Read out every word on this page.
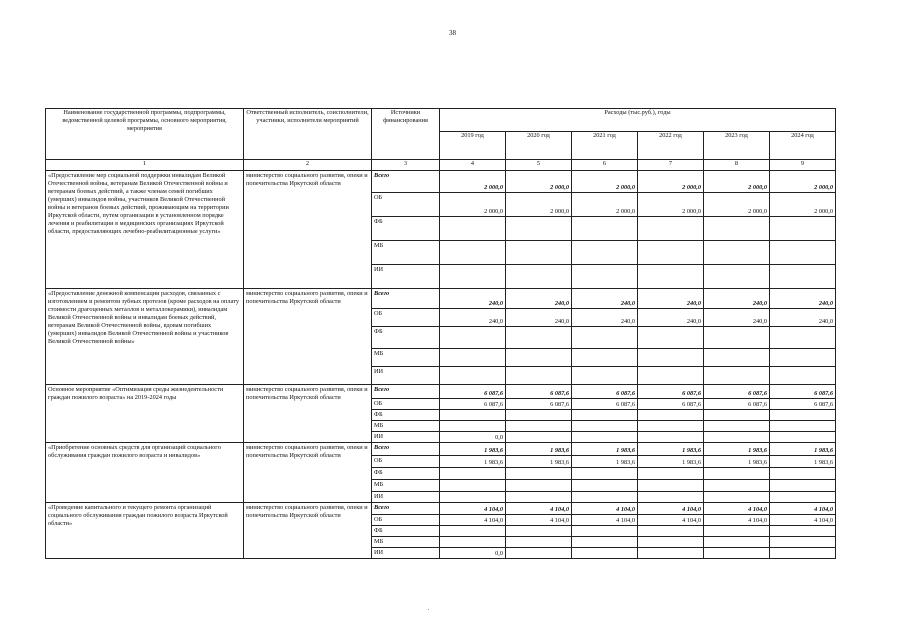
38
Наименование государственной программы, подпрограммы, ведомственной целевой программы, основного мероприятия, мероприятия	Ответственный исполнитель, соисполнители, участники, исполнители мероприятий	Источники финансирования	Расходы (тыс.руб.), годы					
			2019 год	2020 год	2021 год	2022 год	2023 год	2024 год
1	2	3	4	5	6	7	8	9
«Предоставление мер социальной поддержки инвалидам Великой Отечественной войны, ветеранам Великой Отечественной войны и ветеранам боевых действий, а также членам семей погибших (умерших) инвалидов войны, участников Великой Отечественной войны и ветеранов боевых действий, проживающим на территории Иркутской области, путем организации в установленном порядке лечения и реабилитации в медицинских организациях Иркутской области, предоставляющих лечебно-реабилитационные услуги»	министерство социального развития, опеки и попечительства Иркутской области	Всего	2 000,0	2 000,0	2 000,0	2 000,0	2 000,0	2 000,0
		ОБ	2 000,0	2 000,0	2 000,0	2 000,0	2 000,0	2 000,0
		ФБ						
		МБ						
		ИИ						
«Предоставление денежной компенсации расходов, связанных с изготовлением и ремонтом зубных протезов (кроме расходов на оплату стоимости драгоценных металлов и металлокерамики), инвалидам Великой Отечественной войны и инвалидам боевых действий, ветеранам Великой Отечественной войны, вдовам погибших (умерших) инвалидов Великой Отечественной войны и участников Великой Отечественной войны»	министерство социального развития, опеки и попечительства Иркутской области	Всего	240,0	240,0	240,0	240,0	240,0	240,0
		ОБ	240,0	240,0	240,0	240,0	240,0	240,0
		ФБ						
		МБ						
		ИИ						
Основное мероприятие «Оптимизация среды жизнедеятельности граждан пожилого возраста» на 2019-2024 годы	министерство социального развития, опеки и попечительства Иркутской области	Всего	6 087,6	6 087,6	6 087,6	6 087,6	6 087,6	6 087,6
		ОБ	6 087,6	6 087,6	6 087,6	6 087,6	6 087,6	6 087,6
		ФБ						
		МБ						
		ИИ	0,0					
«Приобретение основных средств для организаций социального обслуживания граждан пожилого возраста и инвалидов»	министерство социального развития, опеки и попечительства Иркутской области	Всего	1 983,6	1 983,6	1 983,6	1 983,6	1 983,6	1 983,6
		ОБ	1 983,6	1 983,6	1 983,6	1 983,6	1 983,6	1 983,6
		ФБ						
		МБ						
		ИИ						
«Проведение капитального и текущего ремонта организаций социального обслуживания граждан пожилого возраста Иркутской области»	министерство социального развития, опеки и попечительства Иркутской области	Всего	4 104,0	4 104,0	4 104,0	4 104,0	4 104,0	4 104,0
		ОБ	4 104,0	4 104,0	4 104,0	4 104,0	4 104,0	4 104,0
		ФБ						
		МБ						
		ИИ	0,0					
